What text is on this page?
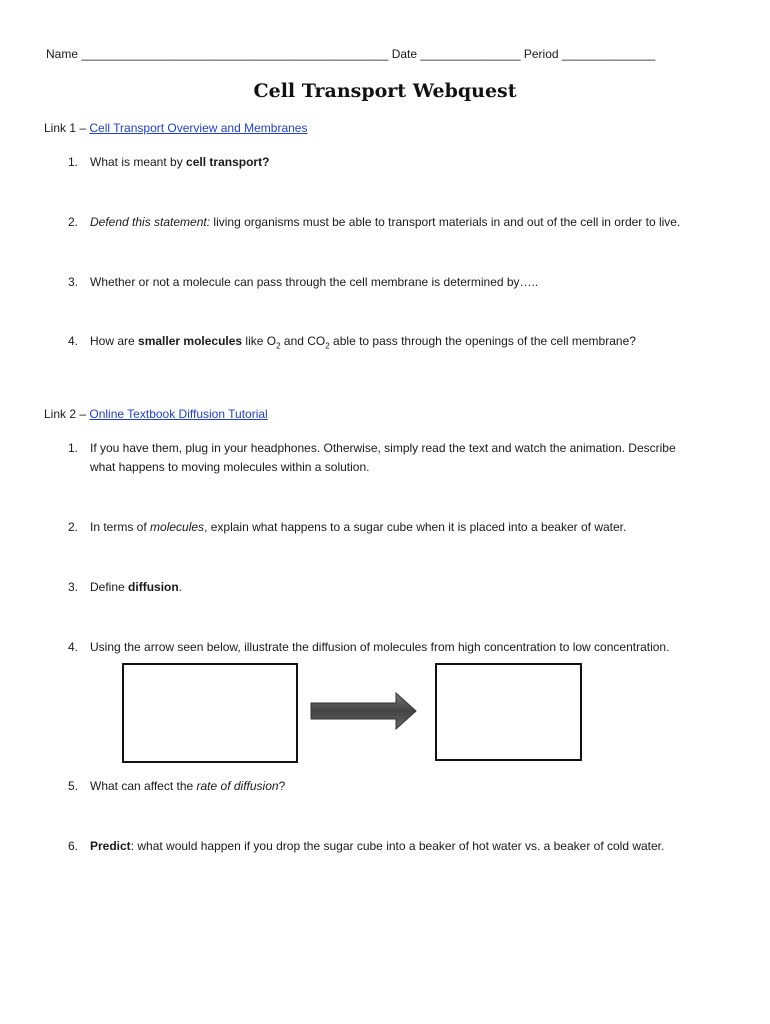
Name ______________________________________________ Date _______________ Period ______________
Cell Transport Webquest
Link 1 – Cell Transport Overview and Membranes
1. What is meant by cell transport?
2. Defend this statement: living organisms must be able to transport materials in and out of the cell in order to live.
3. Whether or not a molecule can pass through the cell membrane is determined by…..
4. How are smaller molecules like $O_2$ and $CO_2$ able to pass through the openings of the cell membrane?
Link 2 – Online Textbook Diffusion Tutorial
1. If you have them, plug in your headphones. Otherwise, simply read the text and watch the animation. Describe
what happens to moving molecules within a solution.
2. In terms of molecules, explain what happens to a sugar cube when it is placed into a beaker of water.
3. Define diffusion.
4. Using the arrow seen below, illustrate the diffusion of molecules from high concentration to low concentration.
5. What can affect the rate of diffusion?
6. Predict: what would happen if you drop the sugar cube into a beaker of hot water vs. a beaker of cold water.
